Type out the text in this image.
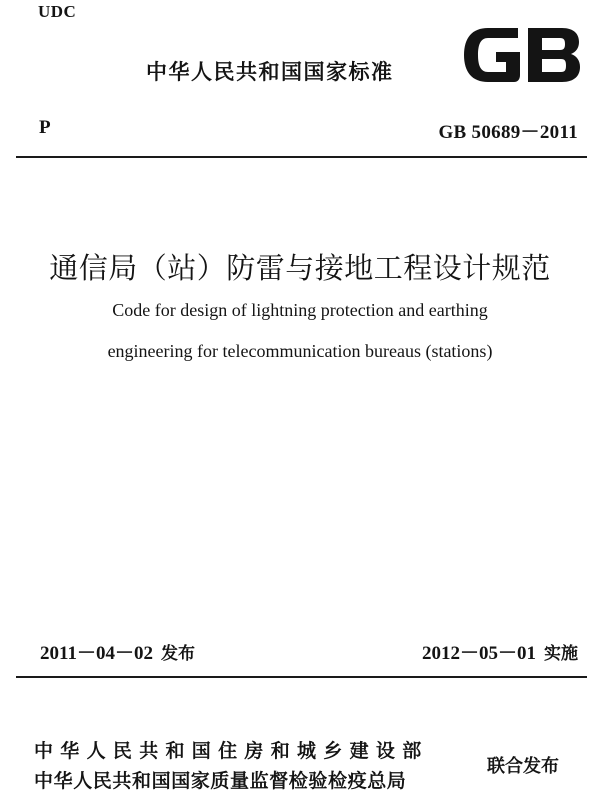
UDC
中华人民共和国国家标准
P	GB 50689－2011
通信局（站）防雷与接地工程设计规范
Code for design of lightning protection and earthing
engineering for telecommunication bureaus (stations)
2011－04－02 发布	2012－05－01 实施
中华人民共和国住房和城乡建设部
中华人民共和国国家质量监督检验检疫总局
联合发布
